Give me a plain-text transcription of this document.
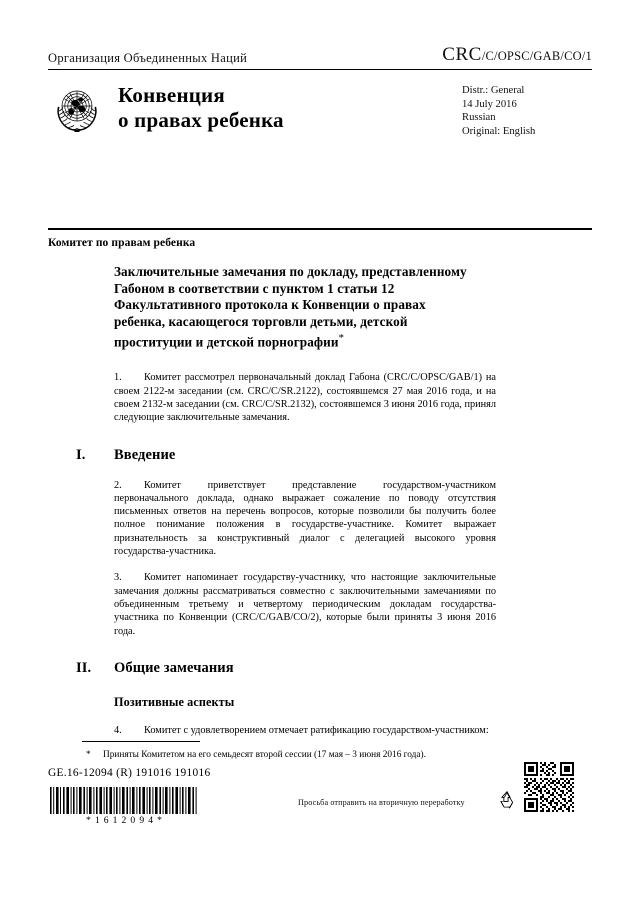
Организация Объединенных Наций	CRC/C/OPSC/GAB/CO/1
Конвенция
о правах ребенка
Distr.: General
14 July 2016
Russian
Original: English
Комитет по правам ребенка
Заключительные замечания по докладу, представленному Габоном в соответствии с пунктом 1 статьи 12 Факультативного протокола к Конвенции о правах ребенка, касающегося торговли детьми, детской проституции и детской порнографии*
1. Комитет рассмотрел первоначальный доклад Габона (CRC/C/OPSC/GAB/1) на своем 2122-м заседании (см. CRC/C/SR.2122), состоявшемся 27 мая 2016 года, и на своем 2132-м заседании (см. CRC/C/SR.2132), состоявшемся 3 июня 2016 года, принял следующие заключительные замечания.
I.	Введение
2. Комитет приветствует представление государством-участником первоначального доклада, однако выражает сожаление по поводу отсутствия письменных ответов на перечень вопросов, которые позволили бы получить более полное понимание положения в государстве-участнике. Комитет выражает признательность за конструктивный диалог с делегацией высокого уровня государства-участника.
3. Комитет напоминает государству-участнику, что настоящие заключительные замечания должны рассматриваться совместно с заключительными замечаниями по объединенным третьему и четвертому периодическим докладам государства-участника по Конвенции (CRC/C/GAB/CO/2), которые были приняты 3 июня 2016 года.
II.	Общие замечания
Позитивные аспекты
4. Комитет с удовлетворением отмечает ратификацию государством-участником:
* Приняты Комитетом на его семьдесят второй сессии (17 мая – 3 июня 2016 года).
GE.16-12094 (R) 191016 191016
*1612094*
Просьба отправить на вторичную переработку
